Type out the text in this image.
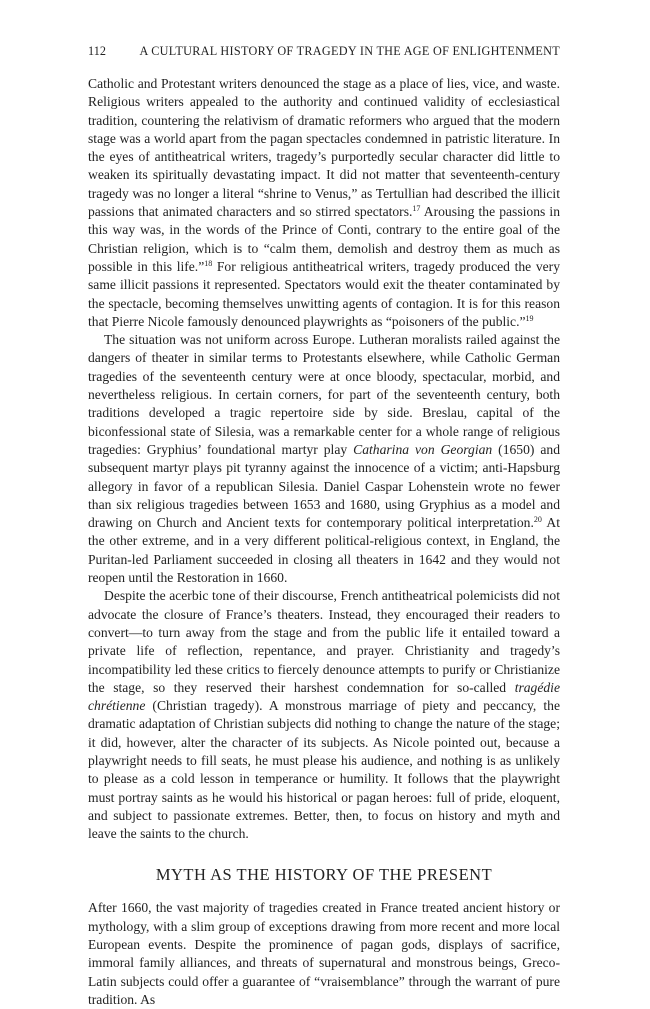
112	A CULTURAL HISTORY OF TRAGEDY IN THE AGE OF ENLIGHTENMENT

Catholic and Protestant writers denounced the stage as a place of lies, vice, and waste. Religious writers appealed to the authority and continued validity of ecclesiastical tradition, countering the relativism of dramatic reformers who argued that the modern stage was a world apart from the pagan spectacles condemned in patristic literature. In the eyes of antitheatrical writers, tragedy’s purportedly secular character did little to weaken its spiritually devastating impact. It did not matter that seventeenth-century tragedy was no longer a literal “shrine to Venus,” as Tertullian had described the illicit passions that animated characters and so stirred spectators.$^{17}$ Arousing the passions in this way was, in the words of the Prince of Conti, contrary to the entire goal of the Christian religion, which is to “calm them, demolish and destroy them as much as possible in this life.”$^{18}$ For religious antitheatrical writers, tragedy produced the very same illicit passions it represented. Spectators would exit the theater contaminated by the spectacle, becoming themselves unwitting agents of contagion. It is for this reason that Pierre Nicole famously denounced playwrights as “poisoners of the public.”$^{19}$

The situation was not uniform across Europe. Lutheran moralists railed against the dangers of theater in similar terms to Protestants elsewhere, while Catholic German tragedies of the seventeenth century were at once bloody, spectacular, morbid, and nevertheless religious. In certain corners, for part of the seventeenth century, both traditions developed a tragic repertoire side by side. Breslau, capital of the biconfessional state of Silesia, was a remarkable center for a whole range of religious tragedies: Gryphius’ foundational martyr play Catharina von Georgian (1650) and subsequent martyr plays pit tyranny against the innocence of a victim; anti-Hapsburg allegory in favor of a republican Silesia. Daniel Caspar Lohenstein wrote no fewer than six religious tragedies between 1653 and 1680, using Gryphius as a model and drawing on Church and Ancient texts for contemporary political interpretation.$^{20}$ At the other extreme, and in a very different political-religious context, in England, the Puritan-led Parliament succeeded in closing all theaters in 1642 and they would not reopen until the Restoration in 1660.

Despite the acerbic tone of their discourse, French antitheatrical polemicists did not advocate the closure of France’s theaters. Instead, they encouraged their readers to convert—to turn away from the stage and from the public life it entailed toward a private life of reflection, repentance, and prayer. Christianity and tragedy’s incompatibility led these critics to fiercely denounce attempts to purify or Christianize the stage, so they reserved their harshest condemnation for so-called tragédie chrétienne (Christian tragedy). A monstrous marriage of piety and peccancy, the dramatic adaptation of Christian subjects did nothing to change the nature of the stage; it did, however, alter the character of its subjects. As Nicole pointed out, because a playwright needs to fill seats, he must please his audience, and nothing is as unlikely to please as a cold lesson in temperance or humility. It follows that the playwright must portray saints as he would his historical or pagan heroes: full of pride, eloquent, and subject to passionate extremes. Better, then, to focus on history and myth and leave the saints to the church.

MYTH AS THE HISTORY OF THE PRESENT

After 1660, the vast majority of tragedies created in France treated ancient history or mythology, with a slim group of exceptions drawing from more recent and more local European events. Despite the prominence of pagan gods, displays of sacrifice, immoral family alliances, and threats of supernatural and monstrous beings, Greco-Latin subjects could offer a guarantee of “vraisemblance” through the warrant of pure tradition. As
